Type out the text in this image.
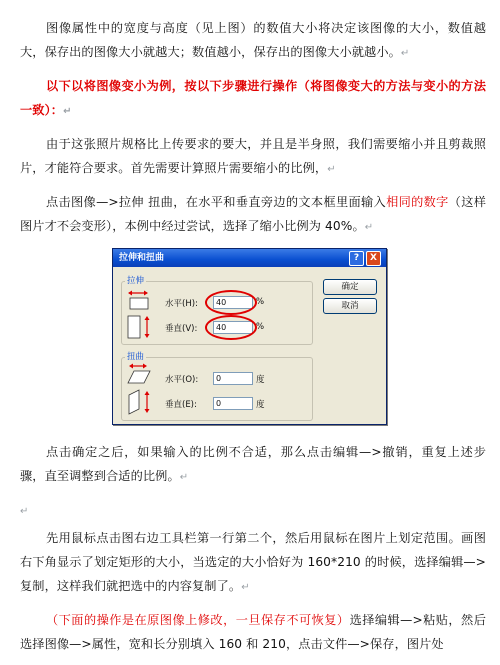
图像属性中的宽度与高度（见上图）的数值大小将决定该图像的大小，数值越大，保存出的图像大小就越大；数值越小，保存出的图像大小就越小。↵

以下以将图像变小为例，按以下步骤进行操作（将图像变大的方法与变小的方法一致）：↵

由于这张照片规格比上传要求的要大，并且是半身照，我们需要缩小并且剪裁照片，才能符合要求。首先需要计算照片需要缩小的比例，↵

点击图像—>拉伸 扭曲，在水平和垂直旁边的文本框里面输入相同的数字（这样图片才不会变形），本例中经过尝试，选择了缩小比例为 40%。↵

拉伸和扭曲	?	X
确定
取消
拉伸
水平(H):	40	%
垂直(V):	40	%
扭曲
水平(O):	0	度
垂直(E):	0	度

点击确定之后，如果输入的比例不合适，那么点击编辑—>撤销，重复上述步骤，直至调整到合适的比例。↵

↵

先用鼠标点击图右边工具栏第一行第二个，然后用鼠标在图片上划定范围。画图右下角显示了划定矩形的大小，当选定的大小恰好为 160*210 的时候，选择编辑—>复制，这样我们就把选中的内容复制了。↵

（下面的操作是在原图像上修改，一旦保存不可恢复）选择编辑—>粘贴，然后选择图像—>属性，宽和长分别填入 160 和 210，点击文件—>保存，图片处
